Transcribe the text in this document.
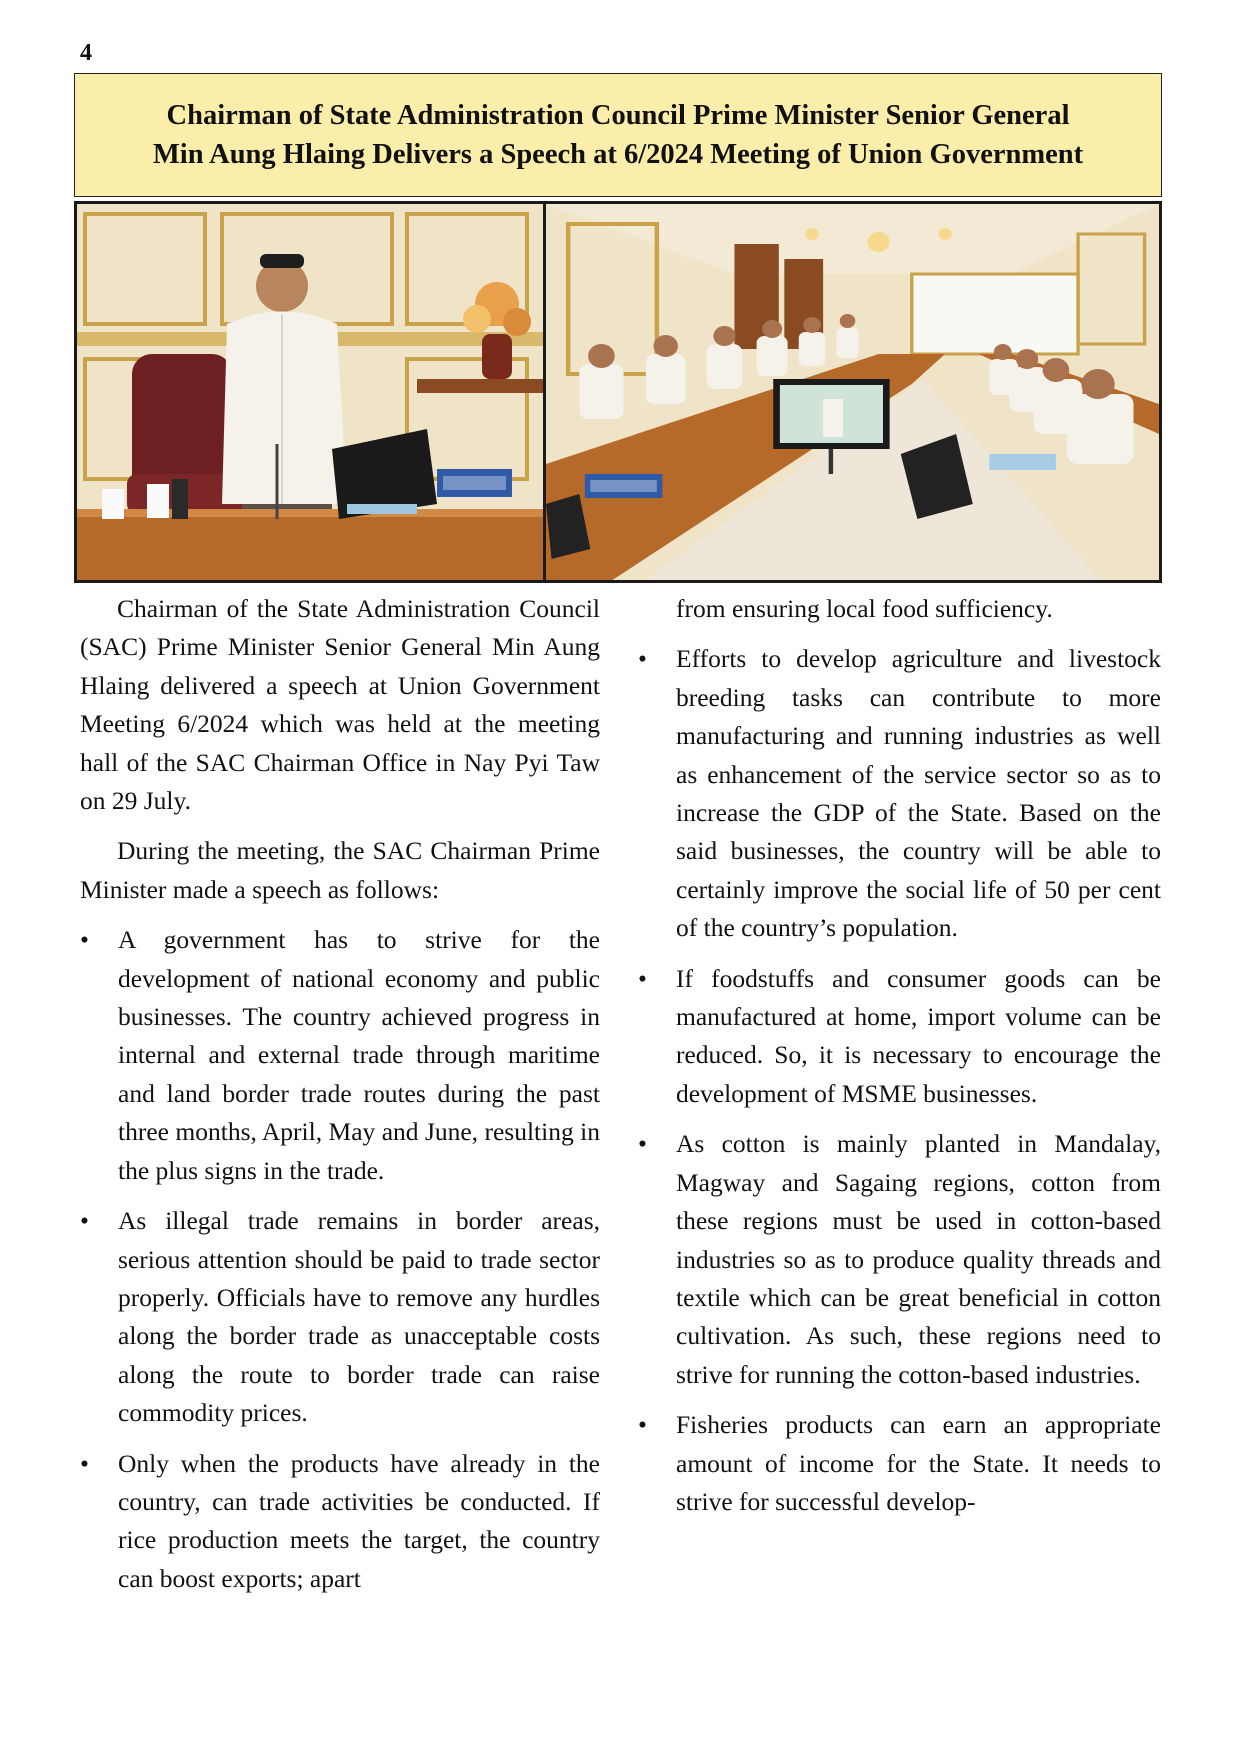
4
Chairman of State Administration Council Prime Minister Senior General
Min Aung Hlaing Delivers a Speech at 6/2024 Meeting of Union Government

Chairman of the State Administration Council (SAC) Prime Minister Senior General Min Aung Hlaing delivered a speech at Union Government Meeting 6/2024 which was held at the meeting hall of the SAC Chairman Office in Nay Pyi Taw on 29 July.

During the meeting, the SAC Chairman Prime Minister made a speech as follows:

•	A government has to strive for the development of national economy and public businesses. The country achieved progress in internal and external trade through maritime and land border trade routes during the past three months, April, May and June, resulting in the plus signs in the trade.
•	As illegal trade remains in border areas, serious attention should be paid to trade sector properly. Officials have to remove any hurdles along the border trade as unacceptable costs along the route to border trade can raise commodity prices.
•	Only when the products have already in the country, can trade activities be conducted. If rice production meets the target, the country can boost exports; apart

from ensuring local food sufficiency.

•	Efforts to develop agriculture and livestock breeding tasks can contribute to more manufacturing and running industries as well as enhancement of the service sector so as to increase the GDP of the State. Based on the said businesses, the country will be able to certainly improve the social life of 50 per cent of the country’s population.
•	If foodstuffs and consumer goods can be manufactured at home, import volume can be reduced. So, it is necessary to encourage the development of MSME businesses.
•	As cotton is mainly planted in Mandalay, Magway and Sagaing regions, cotton from these regions must be used in cotton-based industries so as to produce quality threads and textile which can be great beneficial in cotton cultivation. As such, these regions need to strive for running the cotton-based industries.
•	Fisheries products can earn an appropriate amount of income for the State. It needs to strive for successful develop-
